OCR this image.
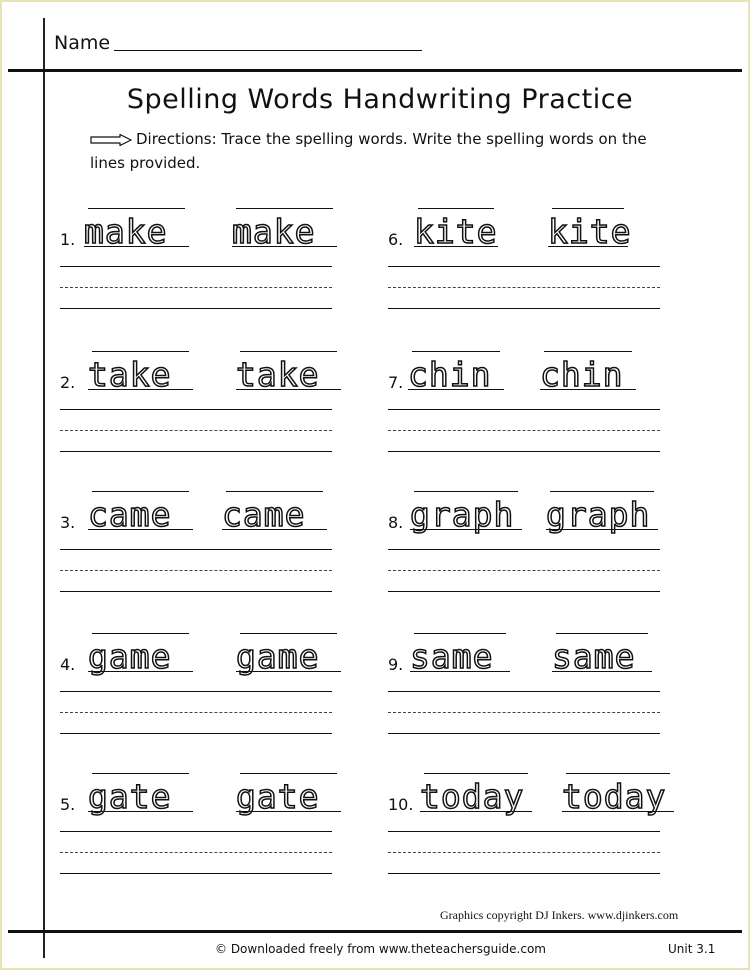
Name
Spelling Words Handwriting Practice
Directions: Trace the spelling words. Write the spelling words on the lines provided.
1. make	make
2. take	take
3. came	came
4. game	game
5. gate	gate
6. kite kite
7. chin	chin
8. graph graph
9. same	same
10. today today
Graphics copyright DJ Inkers. www.djinkers.com
© Downloaded freely from www.theteachersguide.com	Unit 3.1
